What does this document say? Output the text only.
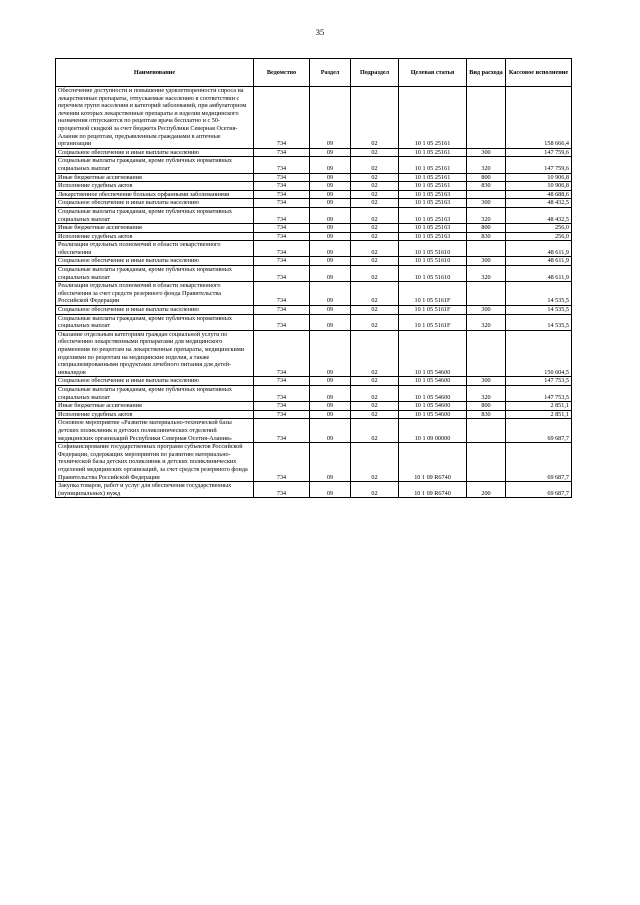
35
Наименование	Ведомство	Раздел	Подраздел	Целевая статья	Вид расхода	Кассовое исполнение
Обеспечение доступности и повышение удовлетворенности спроса на лекарственные препараты, отпускаемые населению в соответствии с перечнем групп населения и категорий заболеваний, при амбулаторном лечении которых лекарственные препараты и изделия медицинского назначения отпускаются по рецептам врача бесплатно и с 50-процентной скидкой за счет бюджета Республики Северная Осетия-Алания по рецептам, предъявленным гражданами в аптечные организации	734	09	02	10 1 05 25161		158 666,4
Социальное обеспечение и иные выплаты населению	734	09	02	10 1 05 25161	300	147 759,6
Социальные выплаты гражданам, кроме публичных нормативных социальных выплат	734	09	02	10 1 05 25161	320	147 759,6
Иные бюджетные ассигнования	734	09	02	10 1 05 25161	800	10 906,8
Исполнение судебных актов	734	09	02	10 1 05 25161	830	10 906,8
Лекарственное обеспечение больных орфанными заболеваниями	734	09	02	10 1 05 25163		48 688,6
Социальное обеспечение и иные выплаты населению	734	09	02	10 1 05 25163	300	48 432,5
Социальные выплаты гражданам, кроме публичных нормативных социальных выплат	734	09	02	10 1 05 25163	320	48 432,5
Иные бюджетные ассигнования	734	09	02	10 1 05 25163	800	256,0
Исполнение судебных актов	734	09	02	10 1 05 25163	830	256,0
Реализация отдельных полномочий в области лекарственного обеспечения	734	09	02	10 1 05 51610		48 611,9
Социальное обеспечение и иные выплаты населению	734	09	02	10 1 05 51610	300	48 611,9
Социальные выплаты гражданам, кроме публичных нормативных социальных выплат	734	09	02	10 1 05 51610	320	48 611,9
Реализация отдельных полномочий в области лекарственного обеспечения за счет средств резервного фонда Правительства Российской Федерации	734	09	02	10 1 05 5161F		14 535,5
Социальное обеспечение и иные выплаты населению	734	09	02	10 1 05 5161F	300	14 535,5
Социальные выплаты гражданам, кроме публичных нормативных социальных выплат	734	09	02	10 1 05 5161F	320	14 535,5
Оказание отдельным категориям граждан социальной услуги по обеспечению лекарственными препаратами для медицинского применения по рецептам на лекарственные препараты, медицинскими изделиями по рецептам на медицинские изделия, а также специализированными продуктами лечебного питания для детей-инвалидов	734	09	02	10 1 05 54600		150 604,5
Социальное обеспечение и иные выплаты населению	734	09	02	10 1 05 54600	300	147 753,5
Социальные выплаты гражданам, кроме публичных нормативных социальных выплат	734	09	02	10 1 05 54600	320	147 753,5
Иные бюджетные ассигнования	734	09	02	10 1 05 54600	800	2 851,1
Исполнение судебных актов	734	09	02	10 1 05 54600	830	2 851,1
Основное мероприятие «Развитие материально-технической базы детских поликлиник и детских поликлинических отделений медицинских организаций Республики Северная Осетия-Алания»	734	09	02	10 1 09 00000		69 687,7
Софинансирование государственных программ субъектов Российской Федерации, содержащих мероприятия по развитию материально-технической базы детских поликлиник и детских поликлинических отделений медицинских организаций, за счет средств резервного фонда Правительства Российской Федерации	734	09	02	10 1 09 R6740		69 687,7
Закупка товаров, работ и услуг для обеспечения государственных (муниципальных) нужд	734	09	02	10 1 09 R6740	200	69 687,7
